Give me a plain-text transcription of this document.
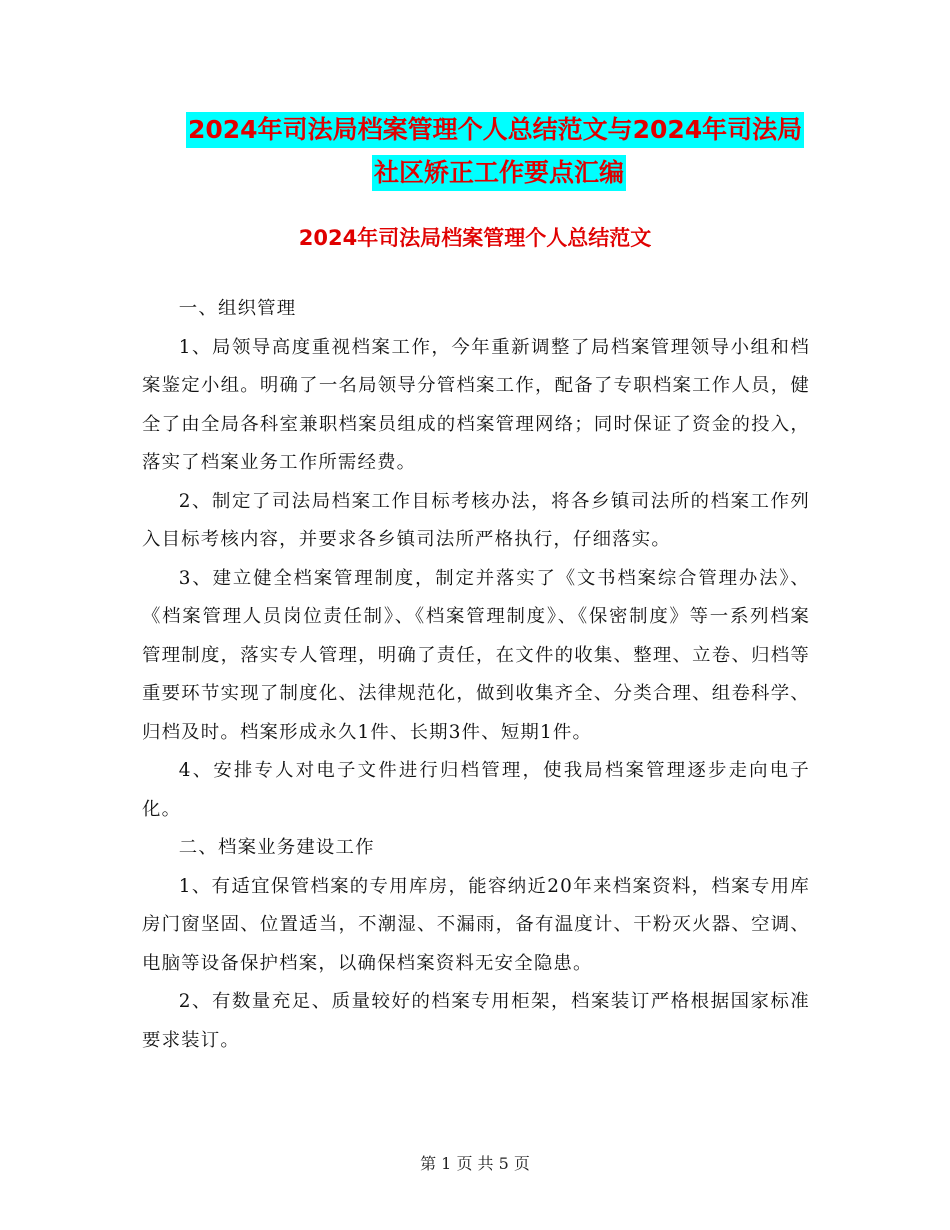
2024年司法局档案管理个人总结范文与2024年司法局
社区矫正工作要点汇编
2024年司法局档案管理个人总结范文

一、组织管理

1、局领导高度重视档案工作，今年重新调整了局档案管理领导小组和档案鉴定小组。明确了一名局领导分管档案工作，配备了专职档案工作人员，健全了由全局各科室兼职档案员组成的档案管理网络；同时保证了资金的投入，落实了档案业务工作所需经费。

2、制定了司法局档案工作目标考核办法，将各乡镇司法所的档案工作列入目标考核内容，并要求各乡镇司法所严格执行，仔细落实。

3、建立健全档案管理制度，制定并落实了《文书档案综合管理办法》、《档案管理人员岗位责任制》、《档案管理制度》、《保密制度》等一系列档案管理制度，落实专人管理，明确了责任，在文件的收集、整理、立卷、归档等重要环节实现了制度化、法律规范化，做到收集齐全、分类合理、组卷科学、归档及时。档案形成永久1件、长期3件、短期1件。

4、安排专人对电子文件进行归档管理，使我局档案管理逐步走向电子化。

二、档案业务建设工作

1、有适宜保管档案的专用库房，能容纳近20年来档案资料，档案专用库房门窗坚固、位置适当，不潮湿、不漏雨，备有温度计、干粉灭火器、空调、电脑等设备保护档案，以确保档案资料无安全隐患。

2、有数量充足、质量较好的档案专用柜架，档案装订严格根据国家标准要求装订。

第 1 页 共 5 页
